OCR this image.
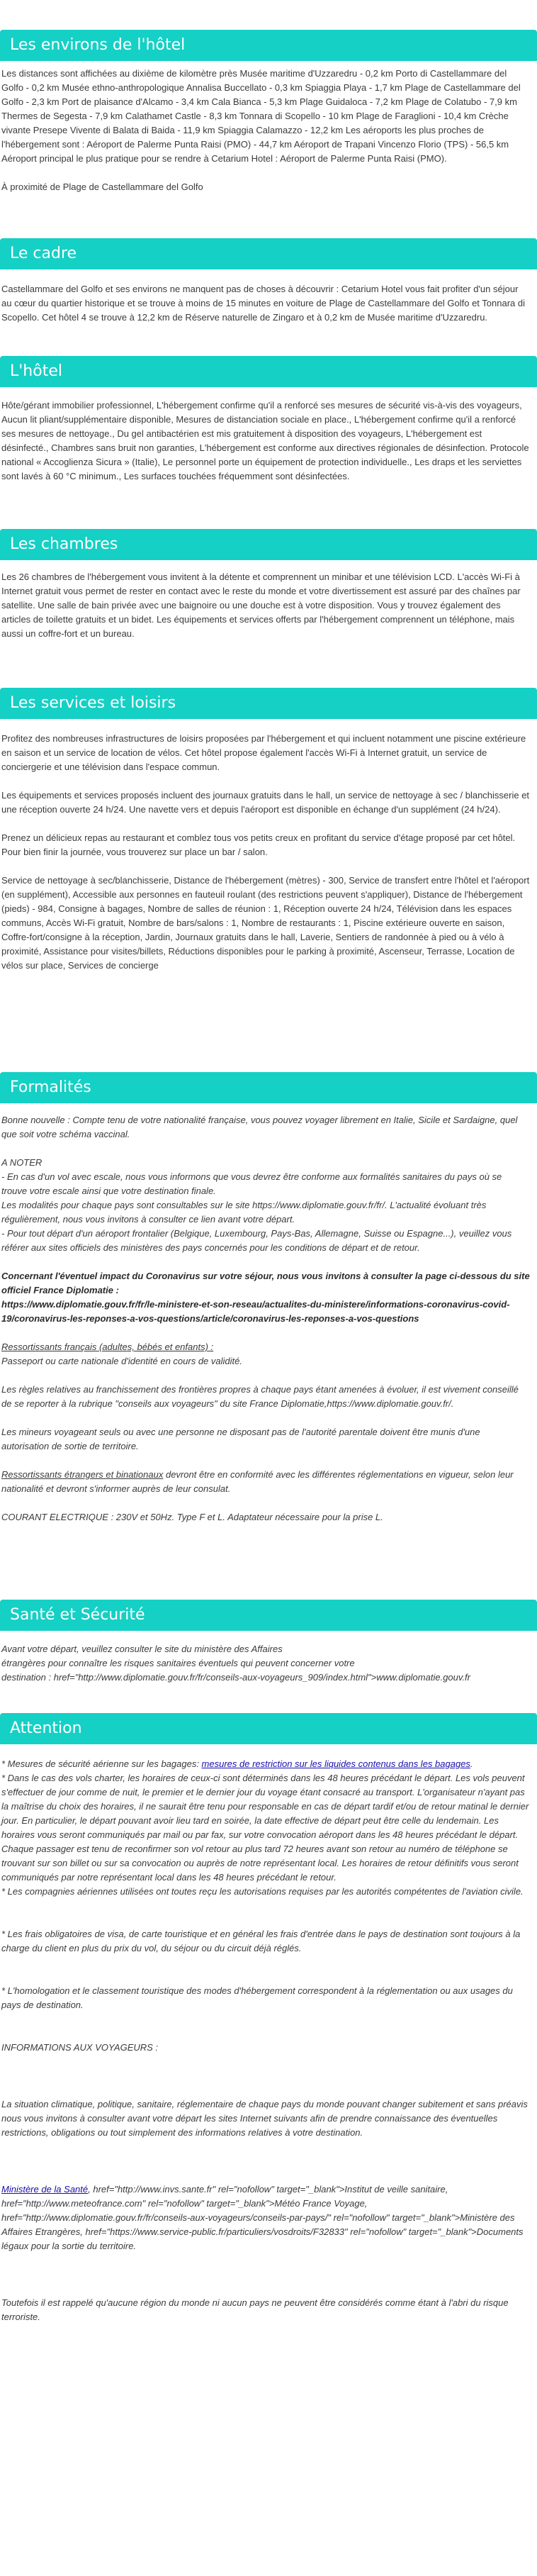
Les environs de l'hôtel

Les distances sont affichées au dixième de kilomètre près Musée maritime d'Uzzaredru - 0,2 km Porto di Castellammare del Golfo - 0,2 km Musée ethno-anthropologique Annalisa Buccellato - 0,3 km Spiaggia Playa - 1,7 km Plage de Castellammare del Golfo - 2,3 km Port de plaisance d'Alcamo - 3,4 km Cala Bianca - 5,3 km Plage Guidaloca - 7,2 km Plage de Colatubo - 7,9 km Thermes de Segesta - 7,9 km Calathamet Castle - 8,3 km Tonnara di Scopello - 10 km Plage de Faraglioni - 10,4 km Crèche vivante Presepe Vivente di Balata di Baida - 11,9 km Spiaggia Calamazzo - 12,2 km Les aéroports les plus proches de l'hébergement sont : Aéroport de Palerme Punta Raisi (PMO) - 44,7 km Aéroport de Trapani Vincenzo Florio (TPS) - 56,5 km Aéroport principal le plus pratique pour se rendre à Cetarium Hotel : Aéroport de Palerme Punta Raisi (PMO).

À proximité de Plage de Castellammare del Golfo

Le cadre

Castellammare del Golfo et ses environs ne manquent pas de choses à découvrir : Cetarium Hotel vous fait profiter d'un séjour au cœur du quartier historique et se trouve à moins de 15 minutes en voiture de Plage de Castellammare del Golfo et Tonnara di Scopello. Cet hôtel 4 se trouve à 12,2 km de Réserve naturelle de Zingaro et à 0,2 km de Musée maritime d'Uzzaredru.

L'hôtel

Hôte/gérant immobilier professionnel, L'hébergement confirme qu'il a renforcé ses mesures de sécurité vis-à-vis des voyageurs, Aucun lit pliant/supplémentaire disponible, Mesures de distanciation sociale en place., L'hébergement confirme qu'il a renforcé ses mesures de nettoyage., Du gel antibactérien est mis gratuitement à disposition des voyageurs, L'hébergement est désinfecté., Chambres sans bruit non garanties, L'hébergement est conforme aux directives régionales de désinfection. Protocole national « Accoglienza Sicura » (Italie), Le personnel porte un équipement de protection individuelle., Les draps et les serviettes sont lavés à 60 °C minimum., Les surfaces touchées fréquemment sont désinfectées.

Les chambres

Les 26 chambres de l'hébergement vous invitent à la détente et comprennent un minibar et une télévision LCD. L'accès Wi-Fi à Internet gratuit vous permet de rester en contact avec le reste du monde et votre divertissement est assuré par des chaînes par satellite. Une salle de bain privée avec une baignoire ou une douche est à votre disposition. Vous y trouvez également des articles de toilette gratuits et un bidet. Les équipements et services offerts par l'hébergement comprennent un téléphone, mais aussi un coffre-fort et un bureau.

Les services et loisirs

Profitez des nombreuses infrastructures de loisirs proposées par l'hébergement et qui incluent notamment une piscine extérieure en saison et un service de location de vélos. Cet hôtel propose également l'accès Wi-Fi à Internet gratuit, un service de conciergerie et une télévision dans l'espace commun.

Les équipements et services proposés incluent des journaux gratuits dans le hall, un service de nettoyage à sec / blanchisserie et une réception ouverte 24 h/24. Une navette vers et depuis l'aéroport est disponible en échange d'un supplément (24 h/24).

Prenez un délicieux repas au restaurant et comblez tous vos petits creux en profitant du service d'étage proposé par cet hôtel. Pour bien finir la journée, vous trouverez sur place un bar / salon.

Service de nettoyage à sec/blanchisserie, Distance de l'hébergement (mètres) - 300, Service de transfert entre l'hôtel et l'aéroport (en supplément), Accessible aux personnes en fauteuil roulant (des restrictions peuvent s'appliquer), Distance de l'hébergement (pieds) - 984, Consigne à bagages, Nombre de salles de réunion : 1, Réception ouverte 24 h/24, Télévision dans les espaces communs, Accès Wi-Fi gratuit, Nombre de bars/salons : 1, Nombre de restaurants : 1, Piscine extérieure ouverte en saison, Coffre-fort/consigne à la réception, Jardin, Journaux gratuits dans le hall, Laverie, Sentiers de randonnée à pied ou à vélo à proximité, Assistance pour visites/billets, Réductions disponibles pour le parking à proximité, Ascenseur, Terrasse, Location de vélos sur place, Services de concierge

Formalités

Bonne nouvelle : Compte tenu de votre nationalité française, vous pouvez voyager librement en Italie, Sicile et Sardaigne, quel que soit votre schéma vaccinal.

A NOTER

- En cas d'un vol avec escale, nous vous informons que vous devrez être conforme aux formalités sanitaires du pays où se trouve votre escale ainsi que votre destination finale.

Les modalités pour chaque pays sont consultables sur le site https://www.diplomatie.gouv.fr/fr/. L'actualité évoluant très régulièrement, nous vous invitons à consulter ce lien avant votre départ.

- Pour tout départ d'un aéroport frontalier (Belgique, Luxembourg, Pays-Bas, Allemagne, Suisse ou Espagne...), veuillez vous référer aux sites officiels des ministères des pays concernés pour les conditions de départ et de retour.

Concernant l'éventuel impact du Coronavirus sur votre séjour, nous vous invitons à consulter la page ci-dessous du site officiel France Diplomatie :

https://www.diplomatie.gouv.fr/fr/le-ministere-et-son-reseau/actualites-du-ministere/informations-coronavirus-covid-19/coronavirus-les-reponses-a-vos-questions/article/coronavirus-les-reponses-a-vos-questions

Ressortissants français (adultes, bébés et enfants) :

Passeport ou carte nationale d'identité en cours de validité.

Les règles relatives au franchissement des frontières propres à chaque pays étant amenées à évoluer, il est vivement conseillé de se reporter à la rubrique "conseils aux voyageurs" du site France Diplomatie,https://www.diplomatie.gouv.fr/.

Les mineurs voyageant seuls ou avec une personne ne disposant pas de l'autorité parentale doivent être munis d'une autorisation de sortie de territoire.

Ressortissants étrangers et binationaux devront être en conformité avec les différentes réglementations en vigueur, selon leur nationalité et devront s'informer auprès de leur consulat.

COURANT ELECTRIQUE : 230V et 50Hz. Type F et L. Adaptateur nécessaire pour la prise L.

Santé et Sécurité

Avant votre départ, veuillez consulter le site du ministère des Affaires

étrangères pour connaître les risques sanitaires éventuels qui peuvent concerner votre

destination : href="http://www.diplomatie.gouv.fr/fr/conseils-aux-voyageurs_909/index.html">www.diplomatie.gouv.fr

Attention

* Mesures de sécurité aérienne sur les bagages: mesures de restriction sur les liquides contenus dans les bagages.

* Dans le cas des vols charter, les horaires de ceux-ci sont déterminés dans les 48 heures précédant le départ. Les vols peuvent s'effectuer de jour comme de nuit, le premier et le dernier jour du voyage étant consacré au transport. L'organisateur n'ayant pas la maîtrise du choix des horaires, il ne saurait être tenu pour responsable en cas de départ tardif et/ou de retour matinal le dernier jour. En particulier, le départ pouvant avoir lieu tard en soirée, la date effective de départ peut être celle du lendemain. Les horaires vous seront communiqués par mail ou par fax, sur votre convocation aéroport dans les 48 heures précédant le départ. Chaque passager est tenu de reconfirmer son vol retour au plus tard 72 heures avant son retour au numéro de téléphone se trouvant sur son billet ou sur sa convocation ou auprès de notre représentant local. Les horaires de retour définitifs vous seront communiqués par notre représentant local dans les 48 heures précédant le retour.

* Les compagnies aériennes utilisées ont toutes reçu les autorisations requises par les autorités compétentes de l'aviation civile.

* Les frais obligatoires de visa, de carte touristique et en général les frais d'entrée dans le pays de destination sont toujours à la charge du client en plus du prix du vol, du séjour ou du circuit déjà réglés.

* L'homologation et le classement touristique des modes d'hébergement correspondent à la réglementation ou aux usages du pays de destination.

INFORMATIONS AUX VOYAGEURS :

La situation climatique, politique, sanitaire, réglementaire de chaque pays du monde pouvant changer subitement et sans préavis

nous vous invitons à consulter avant votre départ les sites Internet suivants afin de prendre connaissance des éventuelles restrictions, obligations ou tout simplement des informations relatives à votre destination.

Ministère de la Santé, href="http://www.invs.sante.fr" rel="nofollow" target="_blank">Institut de veille sanitaire, href="http://www.meteofrance.com" rel="nofollow" target="_blank">Météo France Voyage, href="http://www.diplomatie.gouv.fr/fr/conseils-aux-voyageurs/conseils-par-pays/" rel="nofollow" target="_blank">Ministère des Affaires Etrangères, href="https://www.service-public.fr/particuliers/vosdroits/F32833" rel="nofollow" target="_blank">Documents légaux pour la sortie du territoire.

Toutefois il est rappelé qu'aucune région du monde ni aucun pays ne peuvent être considérés comme étant à l'abri du risque terroriste.
